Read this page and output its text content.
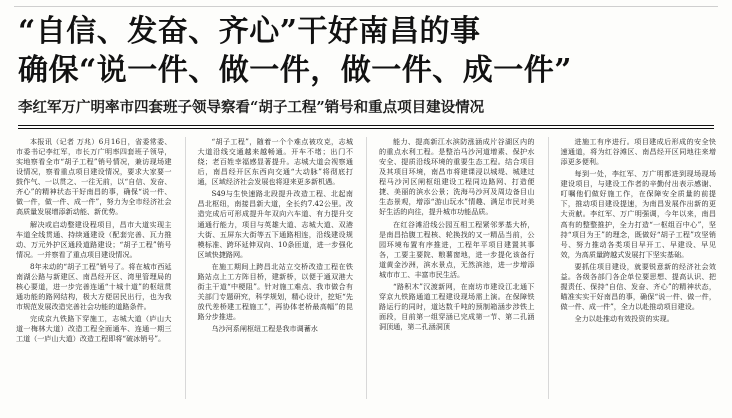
“自信、发奋、齐心”干好南昌的事
确保“说一件、做一件，做一件、成一件”
李红军万广明率市四套班子领导察看“胡子工程”销号和重点项目建设情况

本报讯（记者 万兆）6月16日，省委常委、市委书记李红军，市长万广明率四套班子领导，实地察看全市“胡子工程”销号情况，兼访现场建设情况，察看重点项目建设情况，要求大家要一鼓作气、一以贯之、一往无前，以“自信、发奋、齐心”的精神状态干好南昌的事，确保“说一件、做一件，做一件、成一件”，努力为全市经济社会高质量发展增添新动能、新优势。

解决或启动整建设程项目，昌市大道实现主车道全线贯通、持续通建设（配套完善、瓦力推动、万元外护区通段道路建设；“胡子工程”销号情况。一并察看了重点项目建设情况。

8年未动的“胡子工程”销号了。将在城市西延南湖公路与新建区、南昌经开区、湾里管理局的核心要道，进一步完善连通“十城十道”的枢纽贯通功能的路网结构，极大方便居民出行，也为我市规范发展改造完善社会功能的道路条件。

完成京九铁路下穿施工，志城大道（庐山大道一梅林大道）改造工程全面通车、连通一期三工道（一庐山大道）改造工程即将“破冰销号”。

“胡子工程”，随着一个个难点被攻克，志城大道沿线交通越来越畅通。开车不堵；出门不绕；老百姓幸福感显著提升。志城大道会视察通后，南昌经开区东西向交通“大动脉”将彻底打通，区域经济社会发展也将迎来更多新机遇。

S49与生快速路北段提升改造工程、北起南昌北枢纽，南接昌新大道，全长约7.42公里。改造完成后可形成提升年双向六车道、有力提升交通通行能力，项目与英雄大道、志城大道、双港大街、五屏东大街等五下通路相连，沿线建设规模标准、跨环延伸双向、10条匝道，进一步强化区域快捷路网。

在施工期间上跨昌北站立交桥改造工程在铁路站点上工方阵目桥，建新桥，以便于通双港大街主干道“中梗阻”。针对施工难点、我市做合有关部门专题研究，科学规划，精心设计，挖矩“先放代差桥建工程施工”，再协体老桥最高幅”的昆路分步推进。

乌沙河系闸枢纽工程是我市调蓄水

能力、提高新江水滨防涨涵成片谷湖区内的的重点水利工程。是整治马沙河道增素、保护水安全、提质沿线环境的重要生态工程。结合项目及其项目环境，南昌市将建课浸以城堤、城建过程马沙河区闸枢纽建设工程同边路网、打造便捷、美丽的滨水公景；洗海马沙河及周边备目山生态景观，增添“游山玩水”情趣、满足市民对美好生活的向往，提升城市功能品质。

在红谷滩沿线公园互相工程紧邻茅基大桥，是南昌拾腹工程核、轮换找的又一精品当前，公园环境布置有序推进，工程年平项目建置其事各，工要主要院、粮薯窗地，进一步提化该备行道黄金沙洲，滨水景点，无然滨池，进一步增添城市市工、丰富市民生活。

“路积木”汉渡新网，在南坊市建设江北通下穿京九铁路通道工程建设现场需上演。在保障铁路运行的同时，道达数千吨的预制箱涵步涉铁上面段，目前第一组穿涵已完成第一节、第二孔涵洞顶通，第二孔涵洞顶

进施工有序进行。项目建成后形成的安全快速通道，将为红谷滩区、南昌经开区同地往来增添更多便利。

每到一处，李红军、万广明都进到现场现场建设项目，与建设工作者的辛勤付出表示感谢、叮嘱他们做好施工作，在保障安全质量的前提下，推动项目建设提速，为南昌发展作出新的更大贡献。李红军、万广明强调，今年以来，南昌高有的整整推护，全力打造“一枢组百中心”，坚持“项目为王”的理念，既做好“胡子工程”攻坚销号、努力推动各类项目早开工、早建设、早见效，为高质量跨越式发展打下坚实基础。

要抓住项目建设，就要锐意新的经济社会效益。各级各部门各企单位要思想、提高认识、把握责任、保持“自信、发奋、齐心”的精神状态，瞄准实实干好南昌的事，确保“说一件、做一件，做一件、成一件”，全力以赴推动项目建设。

全力以赴推动有效投资的实现。
